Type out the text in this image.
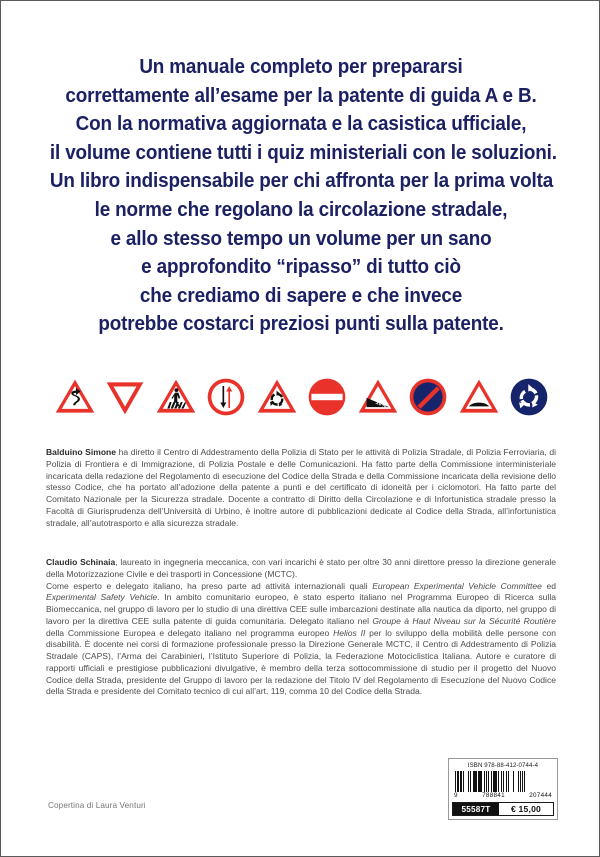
Un manuale completo per prepararsi
correttamente all’esame per la patente di guida A e B.
Con la normativa aggiornata e la casistica ufficiale,
il volume contiene tutti i quiz ministeriali con le soluzioni.
Un libro indispensabile per chi affronta per la prima volta
le norme che regolano la circolazione stradale,
e allo stesso tempo un volume per un sano
e approfondito “ripasso” di tutto ciò
che crediamo di sapere e che invece
potrebbe costarci preziosi punti sulla patente.
10%

Balduino Simone ha diretto il Centro di Addestramento della Polizia di Stato per le attività di Polizia Stradale, di Polizia Ferroviaria, di Polizia di Frontiera e di Immigrazione, di Polizia Postale e delle Comunicazioni. Ha fatto parte della Commissione interministeriale incaricata della redazione del Regolamento di esecuzione del Codice della Strada e della Commissione incaricata della revisione dello stesso Codice, che ha portato all’adozione della patente a punti e del certificato di idoneità per i ciclomotori. Ha fatto parte del Comitato Nazionale per la Sicurezza stradale. Docente a contratto di Diritto della Circolazione e di Infortunistica stradale presso la Facoltà di Giurisprudenza dell’Università di Urbino, è inoltre autore di pubblicazioni dedicate al Codice della Strada, all’infortunistica stradale, all’autotrasporto e alla sicurezza stradale.

Claudio Schinaia, laureato in ingegneria meccanica, con vari incarichi è stato per oltre 30 anni direttore presso la direzione generale della Motorizzazione Civile e dei trasporti in Concessione (MCTC).

Come esperto e delegato italiano, ha preso parte ad attività internazionali quali European Experimental Vehicle Committee ed Experimental Safety Vehicle. In ambito comunitario europeo, è stato esperto italiano nel Programma Europeo di Ricerca sulla Biomeccanica, nel gruppo di lavoro per lo studio di una direttiva CEE sulle imbarcazioni destinate alla nautica da diporto, nel gruppo di lavoro per la direttiva CEE sulla patente di guida comunitaria. Delegato italiano nel Groupe à Haut Niveau sur la Sécurité Routière della Commissione Europea e delegato italiano nel programma europeo Helios II per lo sviluppo della mobilità delle persone con disabilità. È docente nei corsi di formazione professionale presso la Direzione Generale MCTC, il Centro di Addestramento di Polizia Stradale (CAPS), l’Arma dei Carabinieri, l’Istituto Superiore di Polizia, la Federazione Motociclistica Italiana. Autore e curatore di rapporti ufficiali e prestigiose pubblicazioni divulgative, è membro della terza sottocommissione di studio per il progetto del Nuovo Codice della Strada, presidente del Gruppo di lavoro per la redazione del Titolo IV del Regolamento di Esecuzione del Nuovo Codice della Strada e presidente del Comitato tecnico di cui all’art. 119, comma 10 del Codice della Strada.

Copertina di Laura Venturi
ISBN 978-88-412-0744-4
9	788841	207444
55587T	€ 15,00
